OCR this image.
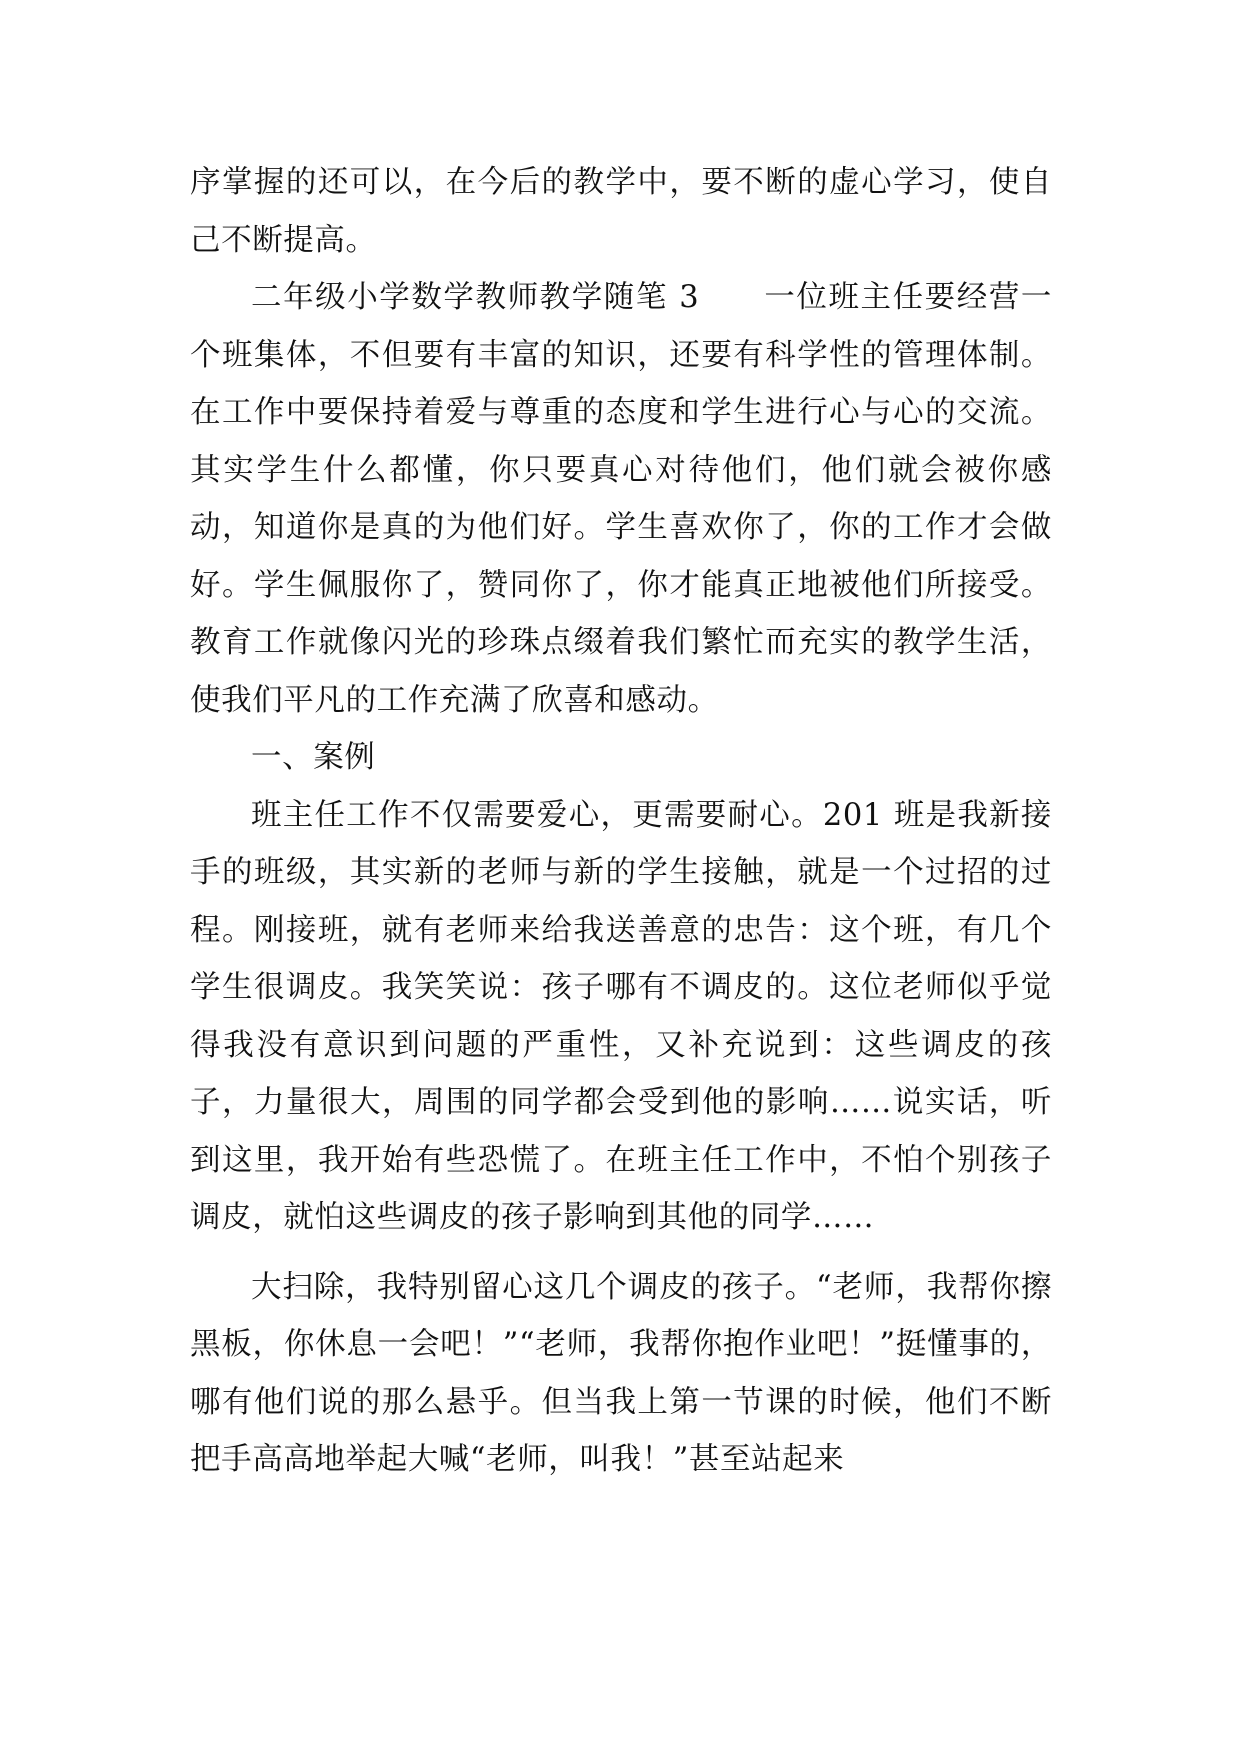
序掌握的还可以，在今后的教学中，要不断的虚心学习，使自己不断提高。

二年级小学数学教师教学随笔 3　　一位班主任要经营一个班集体，不但要有丰富的知识，还要有科学性的管理体制。在工作中要保持着爱与尊重的态度和学生进行心与心的交流。其实学生什么都懂，你只要真心对待他们，他们就会被你感动，知道你是真的为他们好。学生喜欢你了，你的工作才会做好。学生佩服你了，赞同你了，你才能真正地被他们所接受。教育工作就像闪光的珍珠点缀着我们繁忙而充实的教学生活，使我们平凡的工作充满了欣喜和感动。

一、案例

班主任工作不仅需要爱心，更需要耐心。201 班是我新接手的班级，其实新的老师与新的学生接触，就是一个过招的过程。刚接班，就有老师来给我送善意的忠告：这个班，有几个学生很调皮。我笑笑说：孩子哪有不调皮的。这位老师似乎觉得我没有意识到问题的严重性，又补充说到：这些调皮的孩子，力量很大，周围的同学都会受到他的影响……说实话，听到这里，我开始有些恐慌了。在班主任工作中，不怕个别孩子调皮，就怕这些调皮的孩子影响到其他的同学……

大扫除，我特别留心这几个调皮的孩子。“老师，我帮你擦黑板，你休息一会吧！”“老师，我帮你抱作业吧！”挺懂事的，哪有他们说的那么悬乎。但当我上第一节课的时候，他们不断把手高高地举起大喊“老师，叫我！”甚至站起来
